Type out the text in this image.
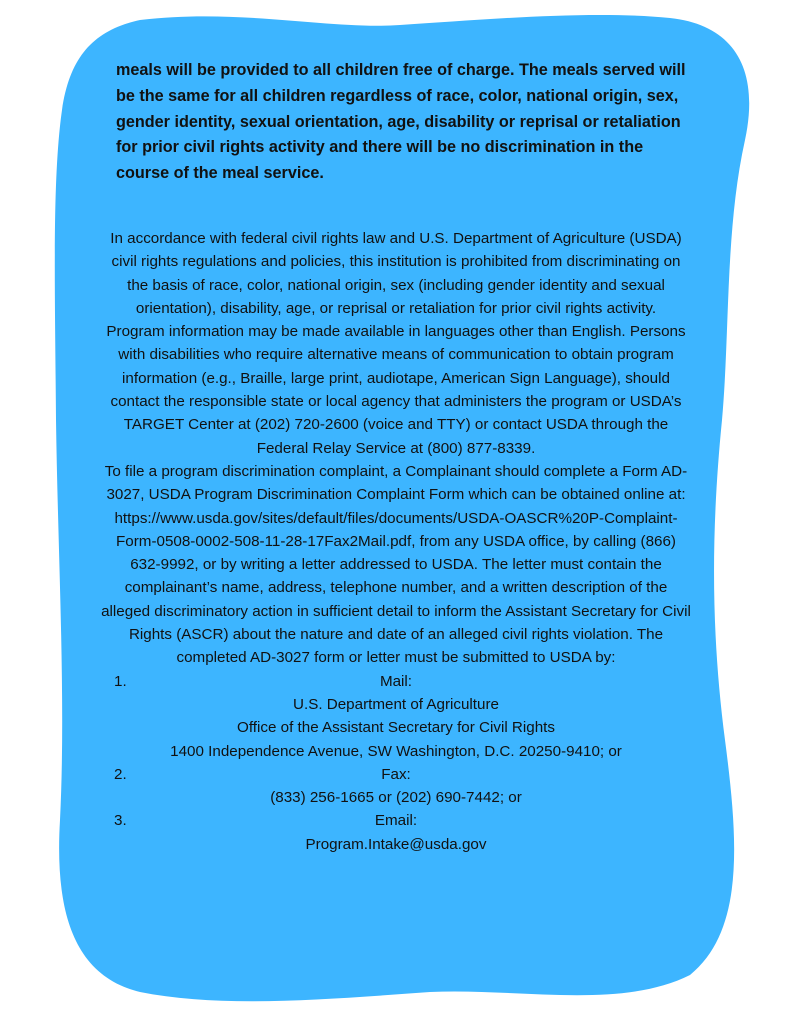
meals will be provided to all children free of charge. The meals served will be the same for all children regardless of race, color, national origin, sex, gender identity, sexual orientation, age, disability or reprisal or retaliation for prior civil rights activity and there will be no discrimination in the course of the meal service.

In accordance with federal civil rights law and U.S. Department of Agriculture (USDA) civil rights regulations and policies, this institution is prohibited from discriminating on the basis of race, color, national origin, sex (including gender identity and sexual orientation), disability, age, or reprisal or retaliation for prior civil rights activity.

Program information may be made available in languages other than English. Persons with disabilities who require alternative means of communication to obtain program information (e.g., Braille, large print, audiotape, American Sign Language), should contact the responsible state or local agency that administers the program or USDA’s TARGET Center at (202) 720-2600 (voice and TTY) or contact USDA through the Federal Relay Service at (800) 877-8339.

To file a program discrimination complaint, a Complainant should complete a Form AD-3027, USDA Program Discrimination Complaint Form which can be obtained online at: https://www.usda.gov/sites/default/files/documents/USDA-OASCR%20P-Complaint-Form-0508-0002-508-11-28-17Fax2Mail.pdf, from any USDA office, by calling (866) 632-9992, or by writing a letter addressed to USDA. The letter must contain the complainant’s name, address, telephone number, and a written description of the alleged discriminatory action in sufficient detail to inform the Assistant Secretary for Civil Rights (ASCR) about the nature and date of an alleged civil rights violation. The completed AD-3027 form or letter must be submitted to USDA by:

1.	Mail:
U.S. Department of Agriculture
Office of the Assistant Secretary for Civil Rights
1400 Independence Avenue, SW Washington, D.C. 20250-9410; or
2.	Fax:
(833) 256-1665 or (202) 690-7442; or
3.	Email:
Program.Intake@usda.gov
